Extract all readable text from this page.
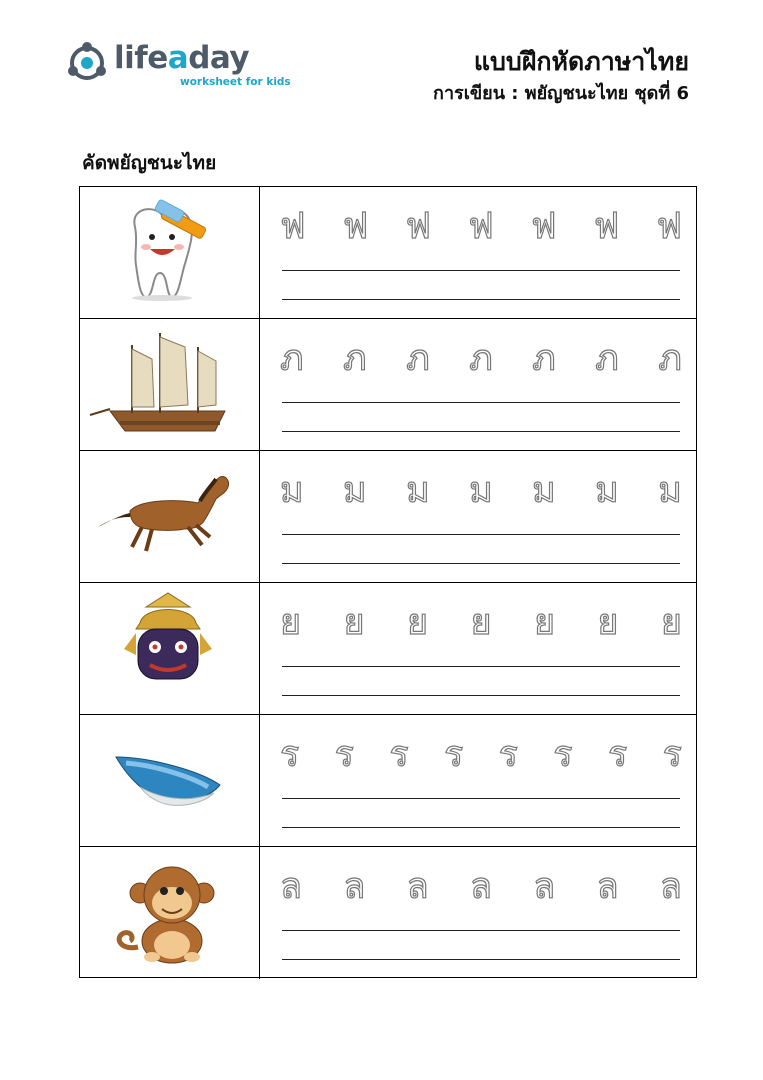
lifeaday
worksheet for kids
แบบฝึกหัดภาษาไทย
การเขียน : พยัญชนะไทย ชุดที่ 6
คัดพยัญชนะไทย
ฟ ฟ ฟ ฟ ฟ ฟ ฟ
ภ ภ ภ ภ ภ ภ ภ
ม ม ม ม ม ม ม
ย ย ย ย ย ย ย
ร ร ร ร ร ร ร ร
ล ล ล ล ล ล ล
